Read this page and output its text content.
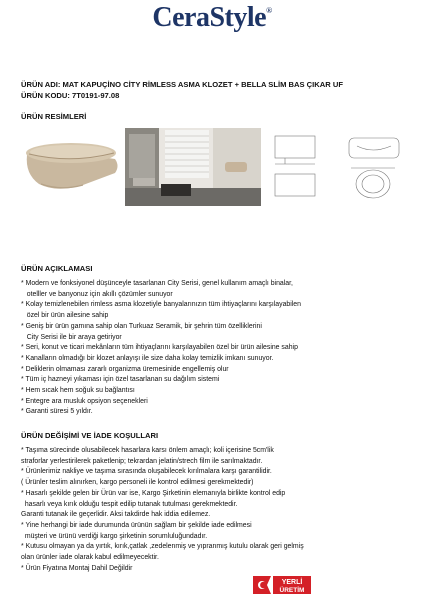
CeraStyle®
ÜRÜN ADI: MAT KAPUÇİNO CİTY RİMLESS ASMA KLOZET + BELLA SLİM BAS ÇIKAR UF
ÜRÜN KODU: 7T0191-97.08
ÜRÜN RESİMLERİ
ÜRÜN AÇIKLAMASI

* Modern ve fonksiyonel düşünceyle tasarlanan City Serisi, genel kullanım amaçlı binalar,

otelller ve banyonuz için akıllı çözümler sunuyor

* Kolay temizlenebilen rimless asma klozetiyle banyalarınızın tüm ihtiyaçlarını karşılayabilen

özel bir ürün ailesine sahip

* Geniş bir ürün gamına sahip olan Turkuaz Seramik, bir şehrin tüm özelliklerini

City Serisi ile bir araya getiriyor

* Seri, konut ve ticari mekânların tüm ihtiyaçlarını karşılayabilen özel bir ürün ailesine sahip

* Kanalların olmadığı bir klozet anlayışı ile size daha kolay temizlik imkanı sunuyor.

* Deliklerin olmaması zararlı organizma üremesinide engellemiş olur

* Tüm iç hazneyi yıkaması için özel tasarlanan su dağılım sistemi

* Hem sıcak hem soğuk su bağlantısı

* Entegre ara musluk opsiyon seçenekleri

* Garanti süresi 5 yıldır.

ÜRÜN DEĞİŞİMİ VE İADE KOŞULLARI

* Taşıma sürecinde olusabilecek hasarlara karsı önlem amaçlı; koli içerisine 5cm'lik

strafor​lar yerlestirilerek paketlenip; tekrardan jelatin/strech film ile sarılmaktadır.

* Ürünlerimiz nakliye ve taşıma sırasında oluşabilecek kırılmalara karşı garantilidir.

( Ürünler teslim alınırken, kargo personeli ile kontrol edilmesi gerekmektedir)

* Hasarlı şekilde gelen bir Ürün var ise, Kargo Şirketinin elemanıyla birlikte kontrol edip

hasarlı veya kırık olduğu tespit edilip tutanak tutulması gerekmektedir.

Garanti tutanak ile geçerlidir. Aksi takdirde hak iddia edilemez.

* Yine herhangi bir iade durumunda ürünün sağlam bir şekilde iade edilmesi

müşteri ve ürünü verdiği kargo şirketinin sorumluluğundadır.

* Kutusu olmayan ya da yırtık, kırık,çatlak ,zedelenmiş ve yıpranmış kutulu olarak geri gelmiş

olan ürünler iade olarak kabul edilmeyecektir.

* Ürün Fiyatına Montaj Dahil Değildir

YERLİ
ÜRETİM
